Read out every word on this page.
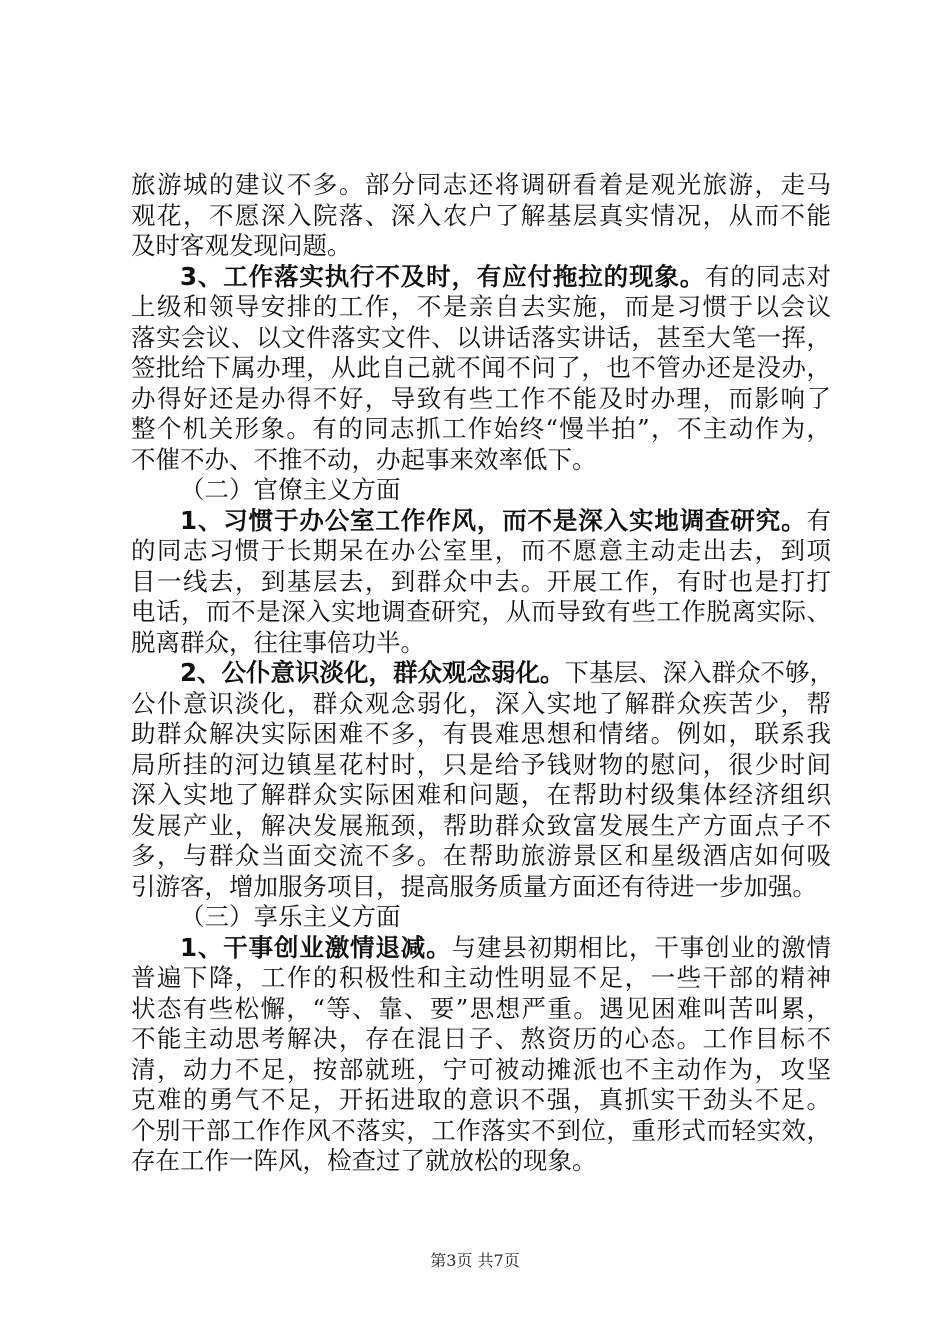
旅游城的建议不多。部分同志还将调研看着是观光旅游，走马
观花，不愿深入院落、深入农户了解基层真实情况，从而不能
及时客观发现问题。
3、工作落实执行不及时，有应付拖拉的现象。有的同志对
上级和领导安排的工作，不是亲自去实施，而是习惯于以会议
落实会议、以文件落实文件、以讲话落实讲话，甚至大笔一挥，
签批给下属办理，从此自己就不闻不问了，也不管办还是没办，
办得好还是办得不好，导致有些工作不能及时办理，而影响了
整个机关形象。有的同志抓工作始终“慢半拍”，不主动作为，
不催不办、不推不动，办起事来效率低下。
（二）官僚主义方面
1、习惯于办公室工作作风，而不是深入实地调查研究。有
的同志习惯于长期呆在办公室里，而不愿意主动走出去，到项
目一线去，到基层去，到群众中去。开展工作，有时也是打打
电话，而不是深入实地调查研究，从而导致有些工作脱离实际、
脱离群众，往往事倍功半。
2、公仆意识淡化，群众观念弱化。下基层、深入群众不够，
公仆意识淡化，群众观念弱化，深入实地了解群众疾苦少，帮
助群众解决实际困难不多，有畏难思想和情绪。例如，联系我
局所挂的河边镇星花村时，只是给予钱财物的慰问，很少时间
深入实地了解群众实际困难和问题，在帮助村级集体经济组织
发展产业，解决发展瓶颈，帮助群众致富发展生产方面点子不
多，与群众当面交流不多。在帮助旅游景区和星级酒店如何吸
引游客，增加服务项目，提高服务质量方面还有待进一步加强。
（三）享乐主义方面
1、干事创业激情退减。与建县初期相比，干事创业的激情
普遍下降，工作的积极性和主动性明显不足，一些干部的精神
状态有些松懈，“等、靠、要”思想严重。遇见困难叫苦叫累，
不能主动思考解决，存在混日子、熬资历的心态。工作目标不
清，动力不足，按部就班，宁可被动摊派也不主动作为，攻坚
克难的勇气不足，开拓进取的意识不强，真抓实干劲头不足。
个别干部工作作风不落实，工作落实不到位，重形式而轻实效，
存在工作一阵风，检查过了就放松的现象。
第3页 共7页
